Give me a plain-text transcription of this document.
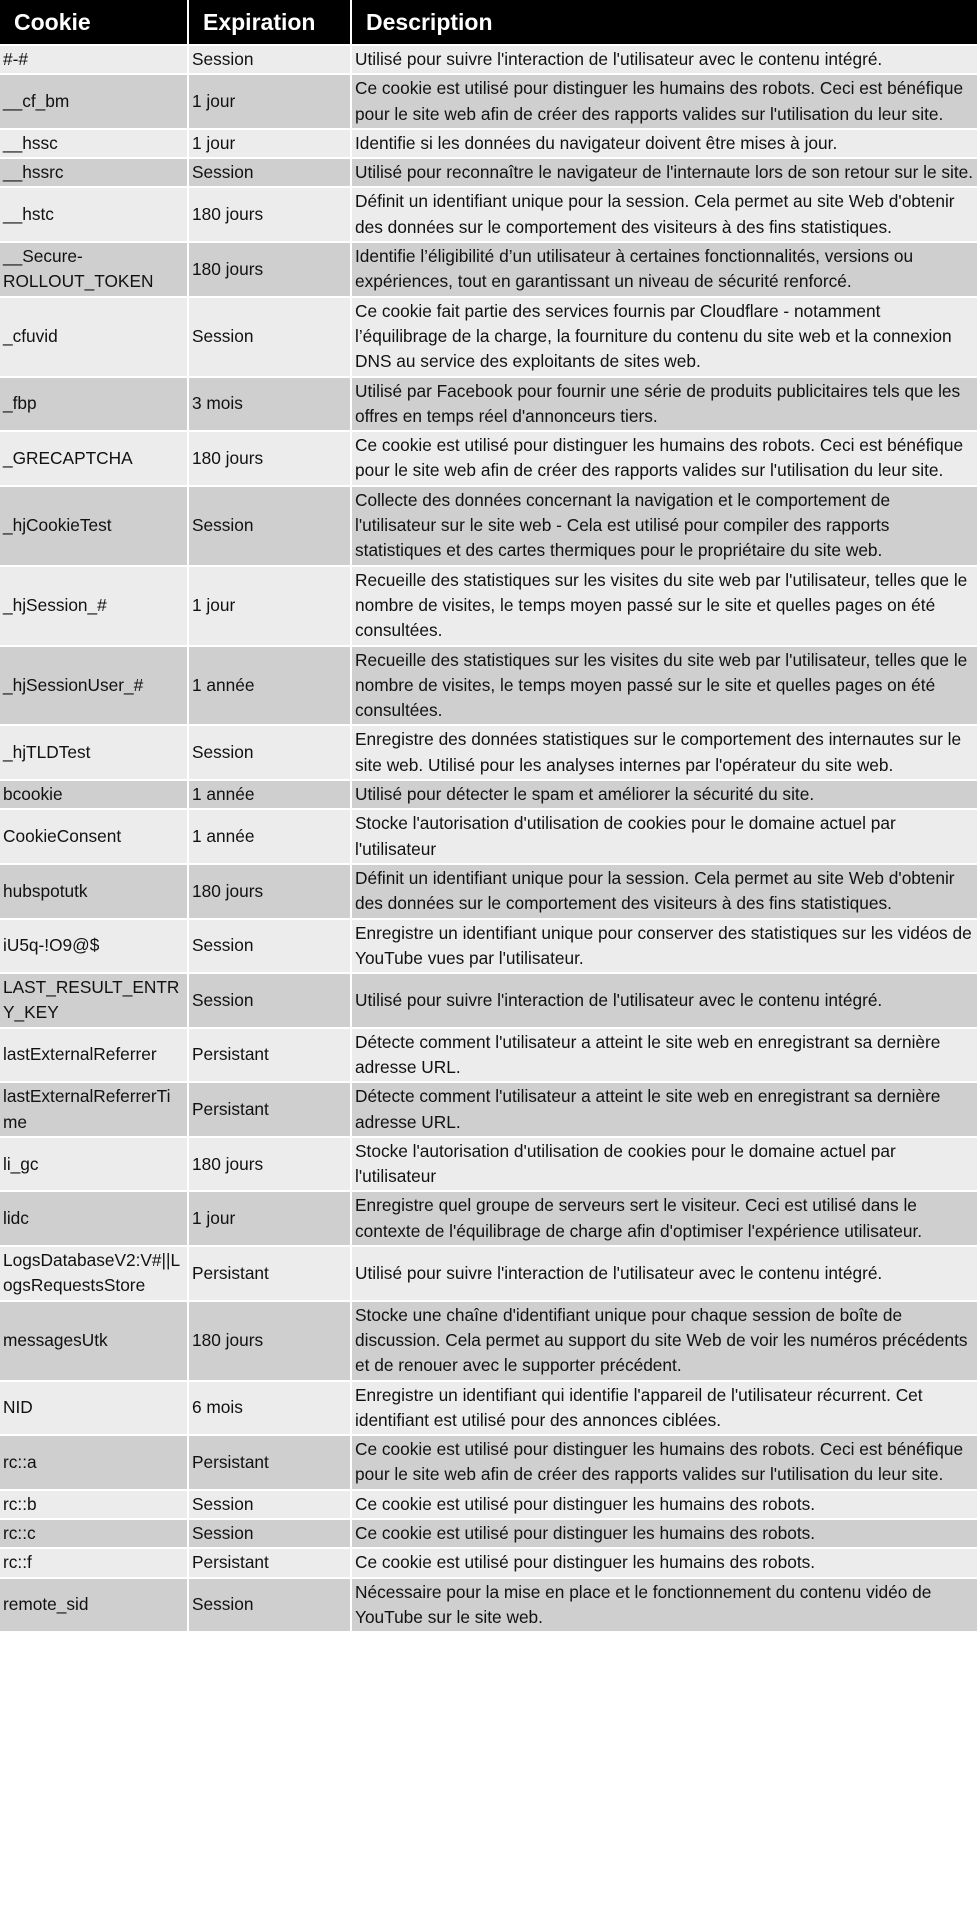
Cookie	Expiration	Description
#-#	Session	Utilisé pour suivre l'interaction de l'utilisateur avec le contenu intégré.
__cf_bm	1 jour	Ce cookie est utilisé pour distinguer les humains des robots. Ceci est bénéfique pour le site web afin de créer des rapports valides sur l'utilisation du leur site.
__hssc	1 jour	Identifie si les données du navigateur doivent être mises à jour.
__hssrc	Session	Utilisé pour reconnaître le navigateur de l'internaute lors de son retour sur le site.
__hstc	180 jours	Définit un identifiant unique pour la session. Cela permet au site Web d'obtenir des données sur le comportement des visiteurs à des fins statistiques.
__Secure-ROLLOUT_TOKEN	180 jours	Identifie l’éligibilité d’un utilisateur à certaines fonctionnalités, versions ou expériences, tout en garantissant un niveau de sécurité renforcé.
_cfuvid	Session	Ce cookie fait partie des services fournis par Cloudflare - notamment l’équilibrage de la charge, la fourniture du contenu du site web et la connexion DNS au service des exploitants de sites web.
_fbp	3 mois	Utilisé par Facebook pour fournir une série de produits publicitaires tels que les offres en temps réel d'annonceurs tiers.
_GRECAPTCHA	180 jours	Ce cookie est utilisé pour distinguer les humains des robots. Ceci est bénéfique pour le site web afin de créer des rapports valides sur l'utilisation du leur site.
_hjCookieTest	Session	Collecte des données concernant la navigation et le comportement de l'utilisateur sur le site web - Cela est utilisé pour compiler des rapports statistiques et des cartes thermiques pour le propriétaire du site web.
_hjSession_#	1 jour	Recueille des statistiques sur les visites du site web par l'utilisateur, telles que le nombre de visites, le temps moyen passé sur le site et quelles pages on été consultées.
_hjSessionUser_#	1 année	Recueille des statistiques sur les visites du site web par l'utilisateur, telles que le nombre de visites, le temps moyen passé sur le site et quelles pages on été consultées.
_hjTLDTest	Session	Enregistre des données statistiques sur le comportement des internautes sur le site web. Utilisé pour les analyses internes par l'opérateur du site web.
bcookie	1 année	Utilisé pour détecter le spam et améliorer la sécurité du site.
CookieConsent	1 année	Stocke l'autorisation d'utilisation de cookies pour le domaine actuel par l'utilisateur
hubspotutk	180 jours	Définit un identifiant unique pour la session. Cela permet au site Web d'obtenir des données sur le comportement des visiteurs à des fins statistiques.
iU5q-!O9@$	Session	Enregistre un identifiant unique pour conserver des statistiques sur les vidéos de YouTube vues par l'utilisateur.
LAST_RESULT_ENTRY_KEY	Session	Utilisé pour suivre l'interaction de l'utilisateur avec le contenu intégré.
lastExternalReferrer	Persistant	Détecte comment l'utilisateur a atteint le site web en enregistrant sa dernière adresse URL.
lastExternalReferrerTime	Persistant	Détecte comment l'utilisateur a atteint le site web en enregistrant sa dernière adresse URL.
li_gc	180 jours	Stocke l'autorisation d'utilisation de cookies pour le domaine actuel par l'utilisateur
lidc	1 jour	Enregistre quel groupe de serveurs sert le visiteur. Ceci est utilisé dans le contexte de l'équilibrage de charge afin d'optimiser l'expérience utilisateur.
LogsDatabaseV2:V#||LogsRequestsStore	Persistant	Utilisé pour suivre l'interaction de l'utilisateur avec le contenu intégré.
messagesUtk	180 jours	Stocke une chaîne d'identifiant unique pour chaque session de boîte de discussion. Cela permet au support du site Web de voir les numéros précédents et de renouer avec le supporter précédent.
NID	6 mois	Enregistre un identifiant qui identifie l'appareil de l'utilisateur récurrent. Cet identifiant est utilisé pour des annonces ciblées.
rc::a	Persistant	Ce cookie est utilisé pour distinguer les humains des robots. Ceci est bénéfique pour le site web afin de créer des rapports valides sur l'utilisation du leur site.
rc::b	Session	Ce cookie est utilisé pour distinguer les humains des robots.
rc::c	Session	Ce cookie est utilisé pour distinguer les humains des robots.
rc::f	Persistant	Ce cookie est utilisé pour distinguer les humains des robots.
remote_sid	Session	Nécessaire pour la mise en place et le fonctionnement du contenu vidéo de YouTube sur le site web.
